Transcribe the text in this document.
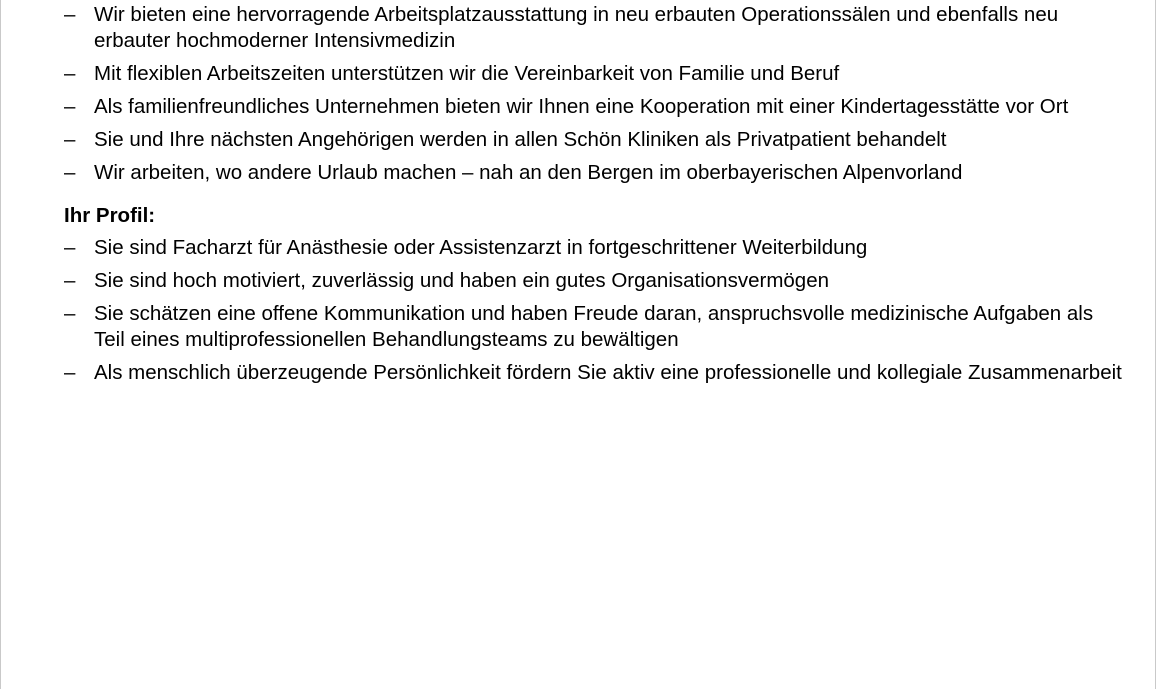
– Wir bieten eine hervorragende Arbeitsplatzausstattung in neu erbauten Operationssälen und ebenfalls neu erbauter hochmoderner Intensivmedizin
– Mit flexiblen Arbeitszeiten unterstützen wir die Vereinbarkeit von Familie und Beruf
– Als familienfreundliches Unternehmen bieten wir Ihnen eine Kooperation mit einer Kindertagesstätte vor Ort
– Sie und Ihre nächsten Angehörigen werden in allen Schön Kliniken als Privatpatient behandelt
– Wir arbeiten, wo andere Urlaub machen – nah an den Bergen im oberbayerischen Alpenvorland
Ihr Profil:
– Sie sind Facharzt für Anästhesie oder Assistenzarzt in fortgeschrittener Weiterbildung
– Sie sind hoch motiviert, zuverlässig und haben ein gutes Organisationsvermögen
– Sie schätzen eine offene Kommunikation und haben Freude daran, anspruchsvolle medizinische Aufgaben als Teil eines multiprofessionellen Behandlungsteams zu bewältigen
– Als menschlich überzeugende Persönlichkeit fördern Sie aktiv eine professionelle und kollegiale Zusammenarbeit
